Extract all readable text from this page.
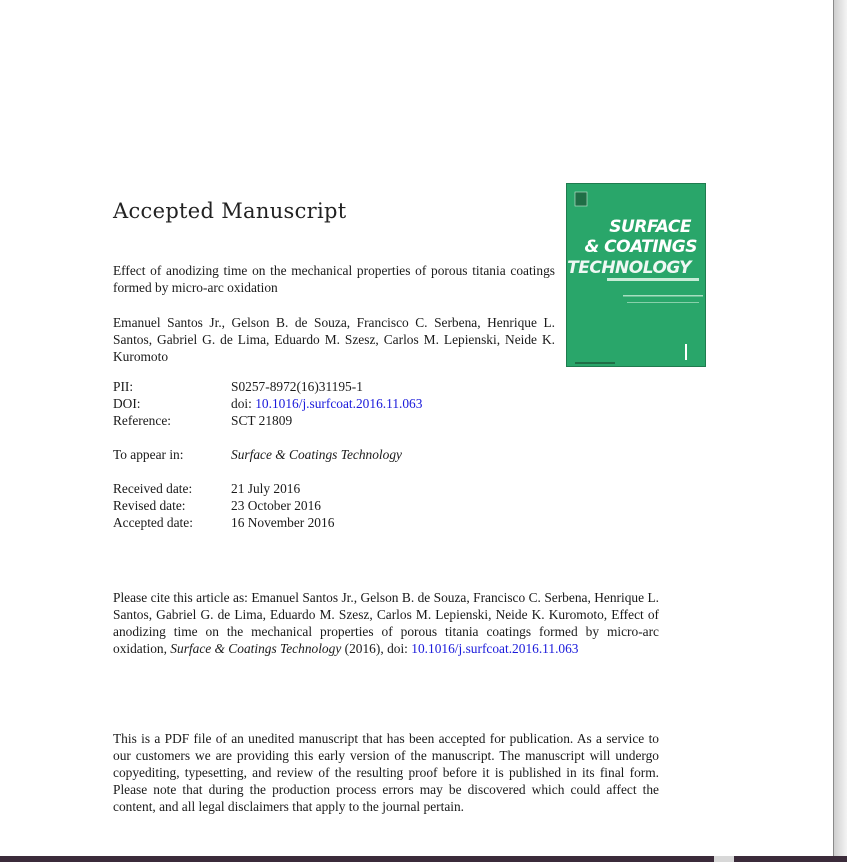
Accepted Manuscript

Effect of anodizing time on the mechanical properties of porous titania coatings formed by micro-arc oxidation

Emanuel Santos Jr., Gelson B. de Souza, Francisco C. Serbena, Henrique L. Santos, Gabriel G. de Lima, Eduardo M. Szesz, Carlos M. Lepienski, Neide K. Kuromoto

PII:	S0257-8972(16)31195-1
DOI:	doi: 10.1016/j.surfcoat.2016.11.063
Reference:	SCT 21809
To appear in:	Surface & Coatings Technology
Received date:	21 July 2016
Revised date:	23 October 2016
Accepted date:	16 November 2016

Please cite this article as: Emanuel Santos Jr., Gelson B. de Souza, Francisco C. Serbena, Henrique L. Santos, Gabriel G. de Lima, Eduardo M. Szesz, Carlos M. Lepienski, Neide K. Kuromoto, Effect of anodizing time on the mechanical properties of porous titania coatings formed by micro-arc oxidation, Surface & Coatings Technology (2016), doi: 10.1016/j.surfcoat.2016.11.063

This is a PDF file of an unedited manuscript that has been accepted for publication. As a service to our customers we are providing this early version of the manuscript. The manuscript will undergo copyediting, typesetting, and review of the resulting proof before it is published in its final form. Please note that during the production process errors may be discovered which could affect the content, and all legal disclaimers that apply to the journal pertain.

SURFACE
& COATINGS
TECHNOLOGY
